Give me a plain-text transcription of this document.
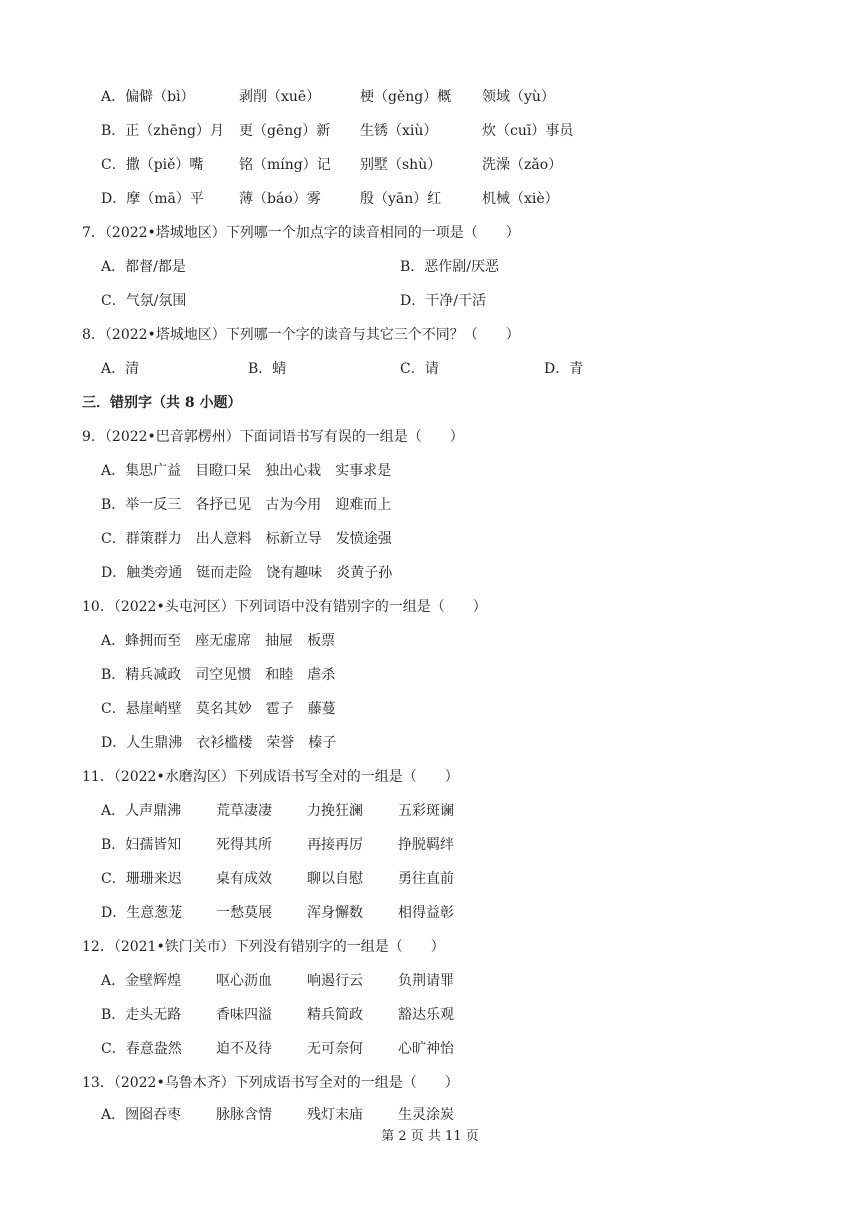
A．偏僻（bì）	剥削（xuē）	梗（gěng）概 领域（yù）
B．正（zhēng）月 更（gēng）新 生锈（xiù）	炊（cuī）事员
C．撒（piě）嘴	铭（míng）记 别墅（shù）	洗澡（zǎo）
D．摩（mā）平	薄（báo）雾	殷（yān）红	机械（xiè）
7．（2022•塔城地区）下列哪一个加点字的读音相同的一项是（　　）
A．都督/都是	B．恶作剧/厌恶
C．气氛/氛围	D．干净/干活
8．（2022•塔城地区）下列哪一个字的读音与其它三个不同？（　　）
A．清	B．蜻	C．请	D．青
三．错别字（共 8 小题）
9．（2022•巴音郭楞州）下面词语书写有误的一组是（　　）
A．集思广益　目瞪口呆　独出心栽　实事求是
B．举一反三　各抒已见　古为今用　迎难而上
C．群策群力　出人意料　标新立导　发愤途强
D．触类旁通　铤而走险　饶有趣味　炎黄子孙
10．（2022•头屯河区）下列词语中没有错别字的一组是（　　）
A．蜂拥而至　座无虚席　抽屉　板票
B．精兵减政　司空见惯　和睦　虐杀
C．悬崖峭壁　莫名其妙　雹子　藤蔓
D．人生鼎沸　衣衫槛楼　荣誉　榛子
11．（2022•水磨沟区）下列成语书写全对的一组是（　　）
A．人声鼎沸 荒草凄凄	力挽狂澜	五彩斑谰
B．妇孺皆知 死得其所	再接再厉	挣脱羁绊
C．珊珊来迟 桌有成效	聊以自慰	勇往直前
D．生意葱茏 一愁莫展	浑身懈数	相得益彰
12．（2021•铁门关市）下列没有错别字的一组是（　　）
A．金壁辉煌 呕心沥血	响遏行云	负荆请罪
B．走头无路 香味四溢	精兵简政	豁达乐观
C．春意盎然 迫不及待	无可奈何	心旷神怡
13．（2022•乌鲁木齐）下列成语书写全对的一组是（　　）
A．囫囵吞枣 脉脉含情	残灯末庙	生灵涂炭
第 2 页 共 11 页
